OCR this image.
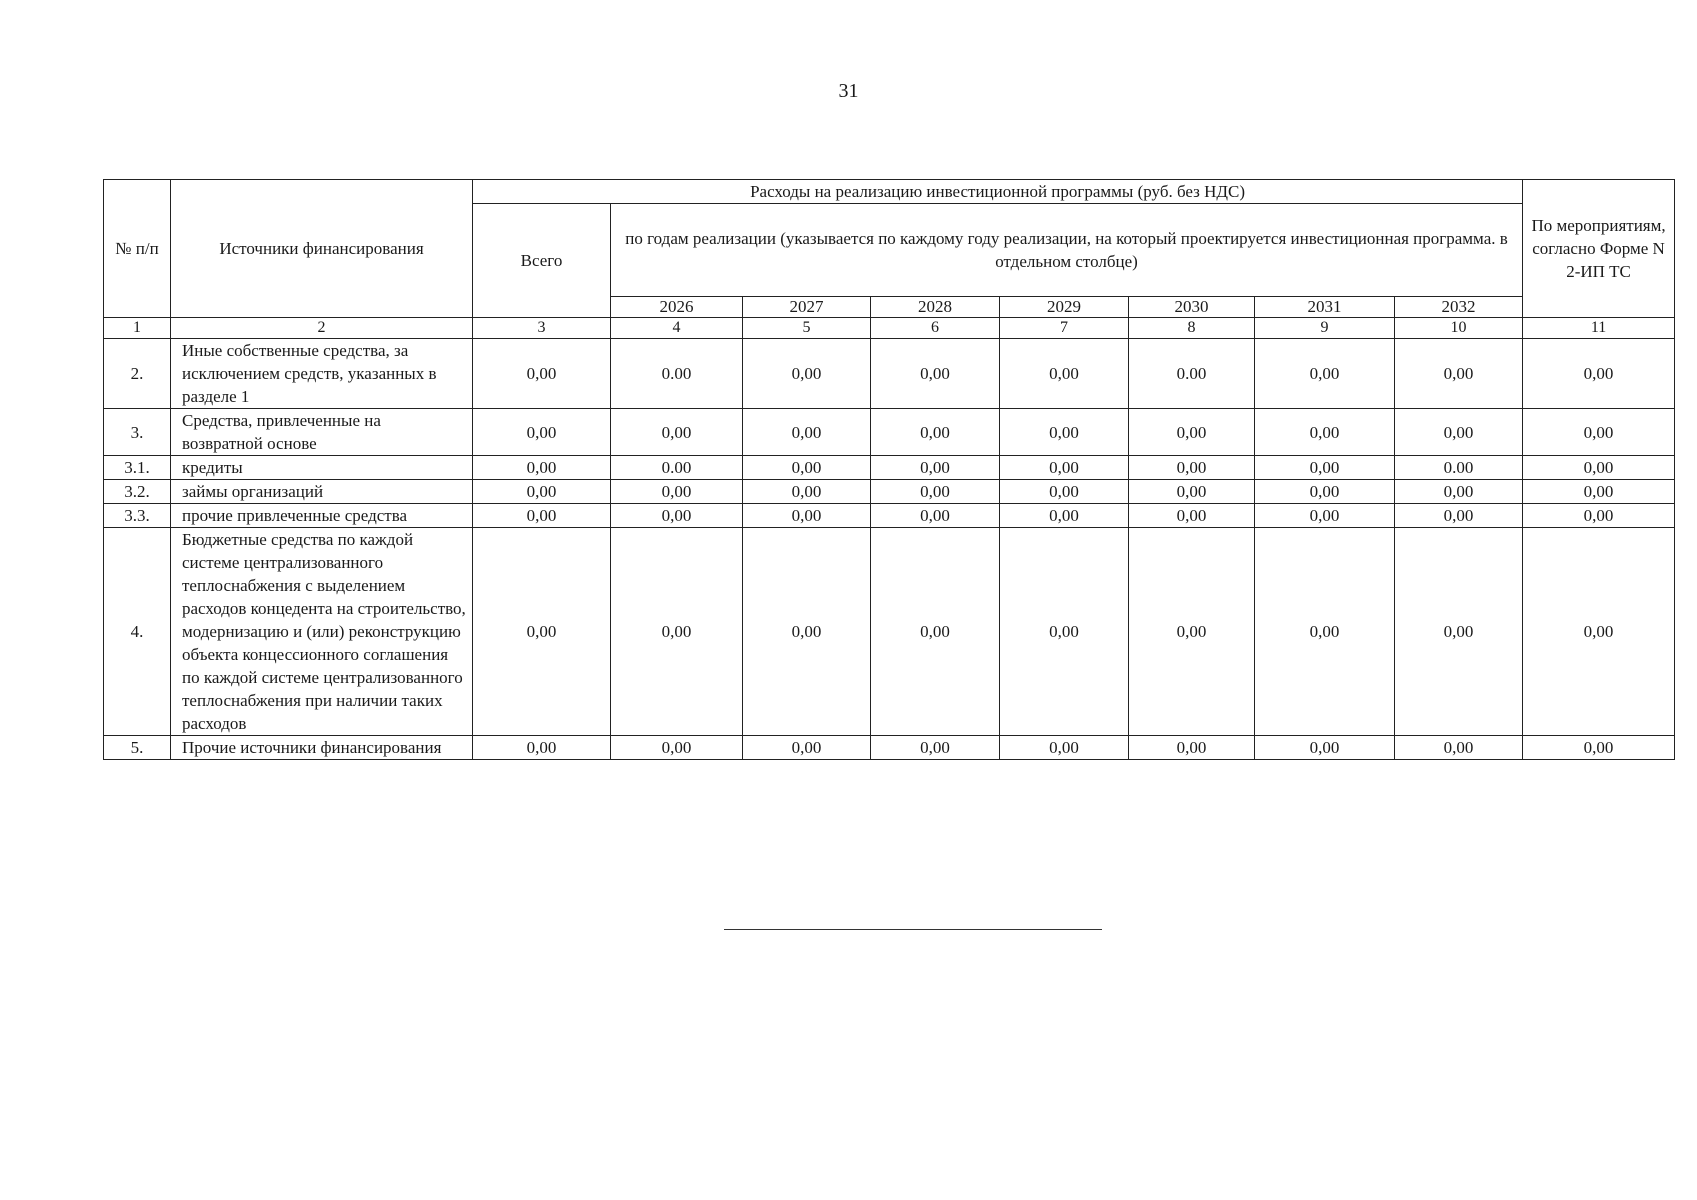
31
№ п/п	Источники финансирования	Расходы на реализацию инвестиционной программы (руб. без НДС)								По мероприятиям, согласно Форме N 2-ИП ТС
		Всего	по годам реализации (указывается по каждому году реализации, на который проектируется инвестиционная программа. в отдельном столбце)							
			2026	2027	2028	2029	2030	2031	2032	

1	2	3	4	5	6	7	8	9	10	11
2.	Иные собственные средства, за исключением средств, указанных в разделе 1	0,00	0.00	0,00	0,00	0,00	0.00	0,00	0,00	0,00
3.	Средства, привлеченные на возвратной основе	0,00	0,00	0,00	0,00	0,00	0,00	0,00	0,00	0,00
3.1.	кредиты	0,00	0.00	0,00	0,00	0,00	0,00	0,00	0.00	0,00
3.2.	займы организаций	0,00	0,00	0,00	0,00	0,00	0,00	0,00	0,00	0,00
3.3.	прочие привлеченные средства	0,00	0,00	0,00	0,00	0,00	0,00	0,00	0,00	0,00
4.	Бюджетные средства по каждой системе централизованного теплоснабжения с выделением расходов концедента на строительство, модернизацию и (или) реконструкцию объекта концессионного соглашения по каждой системе централизованного теплоснабжения при наличии таких расходов	0,00	0,00	0,00	0,00	0,00	0,00	0,00	0,00	0,00
5.	Прочие источники финансирования	0,00	0,00	0,00	0,00	0,00	0,00	0,00	0,00	0,00
